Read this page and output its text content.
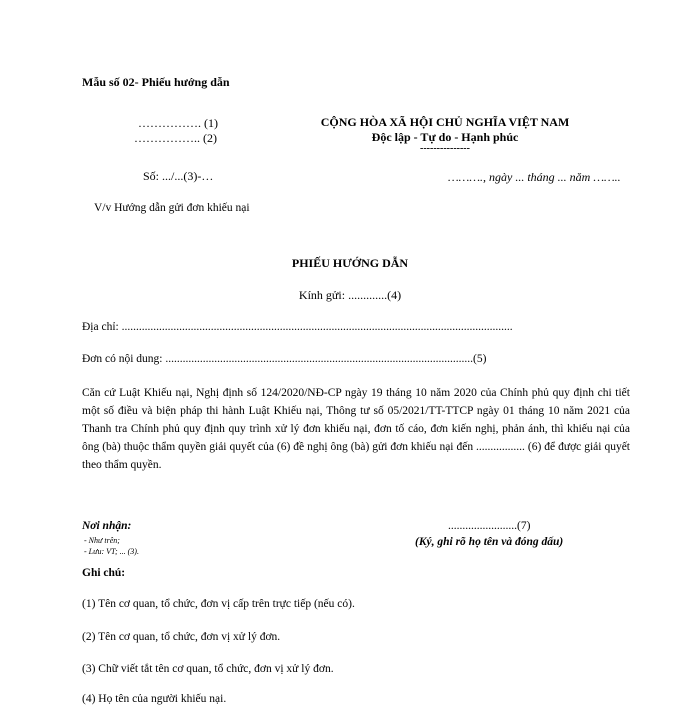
Mẫu số 02- Phiếu hướng dẫn
……………. (1)
…………….. (2)
Số: .../...(3)-…
V/v Hướng dẫn gửi đơn khiếu nại
CỘNG HÒA XÃ HỘI CHỦ NGHĨA VIỆT NAM
Độc lập - Tự do - Hạnh phúc
---------------
………., ngày ... tháng ... năm ……..
PHIẾU HƯỚNG DẪN
Kính gửi: .............(4)
Địa chỉ: ........................................................................................................................................
Đơn có nội dung: ...........................................................................................................(5)
Căn cứ Luật Khiếu nại, Nghị định số 124/2020/NĐ-CP ngày 19 tháng 10 năm 2020 của Chính phủ quy định chi tiết một số điều và biện pháp thi hành Luật Khiếu nại, Thông tư số 05/2021/TT-TTCP ngày 01 tháng 10 năm 2021 của Thanh tra Chính phủ quy định quy trình xử lý đơn khiếu nại, đơn tố cáo, đơn kiến nghị, phản ánh, thì khiếu nại của ông (bà) thuộc thẩm quyền giải quyết của (6) đề nghị ông (bà) gửi đơn khiếu nại đến ................. (6) để được giải quyết theo thẩm quyền.
Nơi nhận:
- Như trên;
- Lưu: VT; ... (3).
........................(7)
(Ký, ghi rõ họ tên và đóng dấu)
Ghi chú:
(1) Tên cơ quan, tổ chức, đơn vị cấp trên trực tiếp (nếu có).
(2) Tên cơ quan, tổ chức, đơn vị xử lý đơn.
(3) Chữ viết tắt tên cơ quan, tổ chức, đơn vị xử lý đơn.
(4) Họ tên của người khiếu nại.
